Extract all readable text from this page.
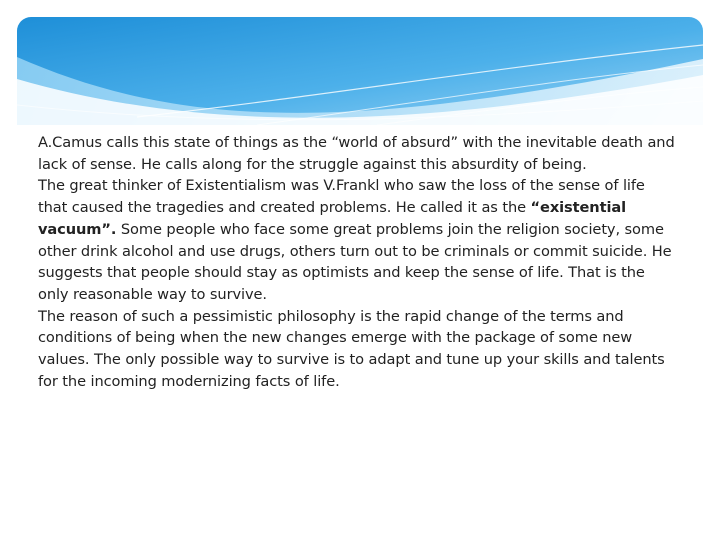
A.Camus calls this state of things as the “world of absurd” with the inevitable death and lack of sense. He calls along for the struggle against this absurdity of being.

The great thinker of Existentialism was V.Frankl who saw the loss of the sense of life that caused the tragedies and created problems. He called it as the “existential vacuum”. Some people who face some great problems join the religion society, some other drink alcohol and use drugs, others turn out to be criminals or commit suicide. He suggests that people should stay as optimists and keep the sense of life. That is the only reasonable way to survive.

The reason of such a pessimistic philosophy is the rapid change of the terms and conditions of being when the new changes emerge with the package of some new values. The only possible way to survive is to adapt and tune up your skills and talents for the incoming modernizing facts of life.
